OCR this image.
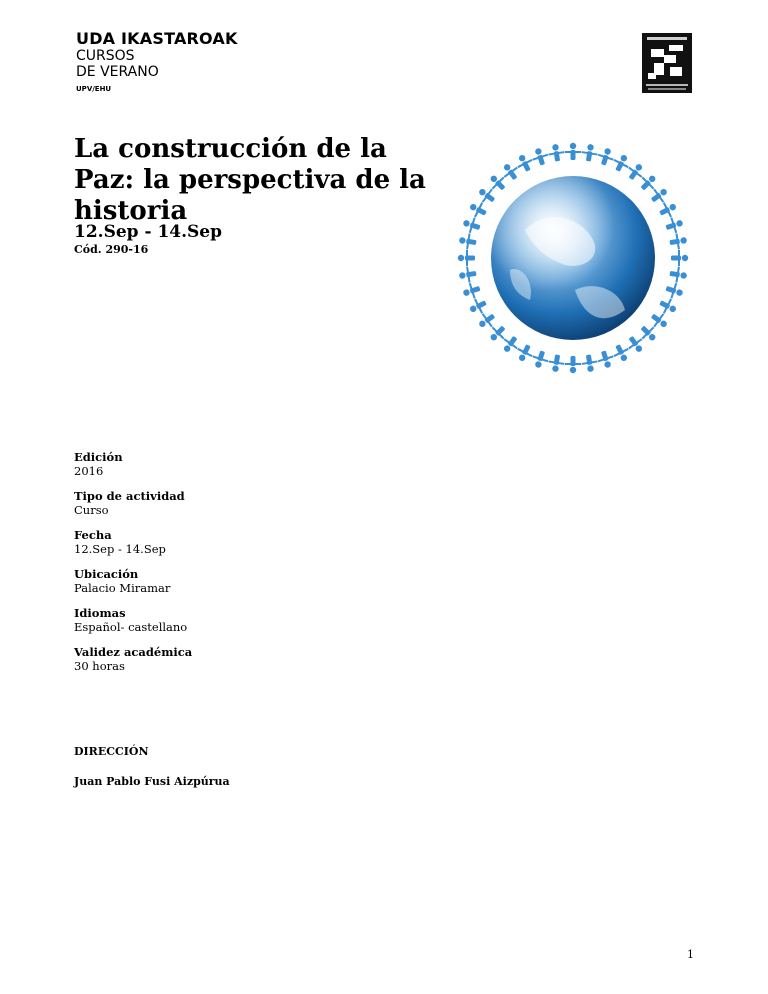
UDA IKASTAROAK
CURSOS
DE VERANO
UPV/EHU
La construcción de la Paz: la perspectiva de la historia
12.Sep - 14.Sep
Cód. 290-16
Edición
2016
Tipo de actividad
Curso
Fecha
12.Sep - 14.Sep
Ubicación
Palacio Miramar
Idiomas
Español- castellano
Validez académica
30 horas
DIRECCIÓN
Juan Pablo Fusi Aizpúrua
1
